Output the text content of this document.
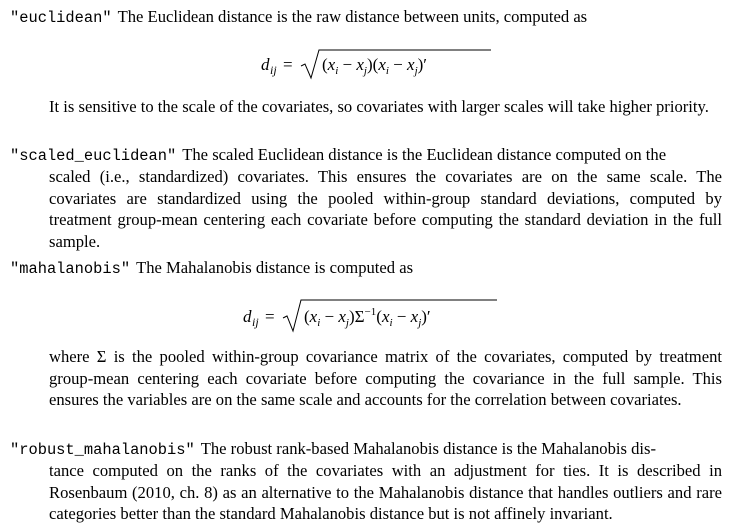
"euclidean" The Euclidean distance is the raw distance between units, computed as
d ij = $(x_i - x_j)(x_i - x_j)'$
It is sensitive to the scale of the covariates, so covariates with larger scales will take higher priority.
"scaled_euclidean" The scaled Euclidean distance is the Euclidean distance computed on the
scaled (i.e., standardized) covariates. This ensures the covariates are on the same scale. The covariates are standardized using the pooled within-group standard deviations, computed by treatment group-mean centering each covariate before computing the standard deviation in the full sample.
"mahalanobis" The Mahalanobis distance is computed as
d ij = $(x_i - x_j)\Sigma^{-1}(x_i - x_j)'$
where Σ is the pooled within-group covariance matrix of the covariates, computed by treatment group-mean centering each covariate before computing the covariance in the full sample. This ensures the variables are on the same scale and accounts for the correlation between covariates.
"robust_mahalanobis" The robust rank-based Mahalanobis distance is the Mahalanobis dis-
tance computed on the ranks of the covariates with an adjustment for ties. It is described in Rosenbaum (2010, ch. 8) as an alternative to the Mahalanobis distance that handles outliers and rare categories better than the standard Mahalanobis distance but is not affinely invariant.
